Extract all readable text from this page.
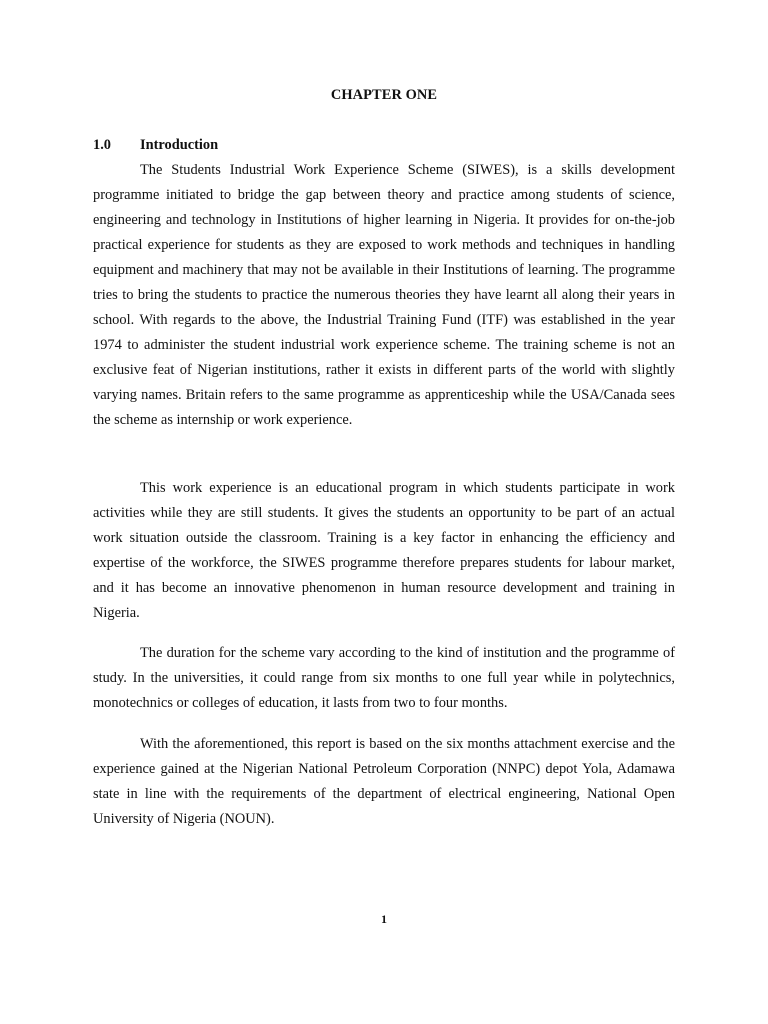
CHAPTER ONE
1.0 Introduction

The Students Industrial Work Experience Scheme (SIWES), is a skills development programme initiated to bridge the gap between theory and practice among students of science, engineering and technology in Institutions of higher learning in Nigeria. It provides for on-the-job practical experience for students as they are exposed to work methods and techniques in handling equipment and machinery that may not be available in their Institutions of learning. The programme tries to bring the students to practice the numerous theories they have learnt all along their years in school. With regards to the above, the Industrial Training Fund (ITF) was established in the year 1974 to administer the student industrial work experience scheme. The training scheme is not an exclusive feat of Nigerian institutions, rather it exists in different parts of the world with slightly varying names. Britain refers to the same programme as apprenticeship while the USA/Canada sees the scheme as internship or work experience.

This work experience is an educational program in which students participate in work activities while they are still students. It gives the students an opportunity to be part of an actual work situation outside the classroom. Training is a key factor in enhancing the efficiency and expertise of the workforce, the SIWES programme therefore prepares students for labour market, and it has become an innovative phenomenon in human resource development and training in Nigeria.

The duration for the scheme vary according to the kind of institution and the programme of study. In the universities, it could range from six months to one full year while in polytechnics, monotechnics or colleges of education, it lasts from two to four months.

With the aforementioned, this report is based on the six months attachment exercise and the experience gained at the Nigerian National Petroleum Corporation (NNPC) depot Yola, Adamawa state in line with the requirements of the department of electrical engineering, National Open University of Nigeria (NOUN).

1
